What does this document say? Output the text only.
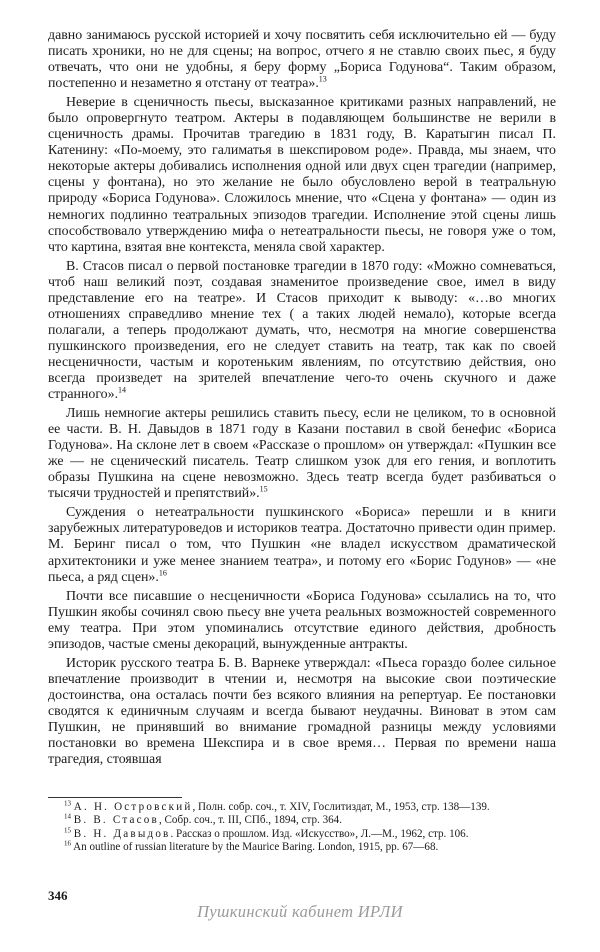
давно занимаюсь русской историей и хочу посвятить себя исключительно ей — буду писать хроники, но не для сцены; на вопрос, отчего я не ставлю своих пьес, я буду отвечать, что они не удобны, я беру форму „Бориса Годунова“. Таким образом, постепенно и незаметно я отстану от театра».$^{13}$

Неверие в сценичность пьесы, высказанное критиками разных направлений, не было опровергнуто театром. Актеры в подавляющем большинстве не верили в сценичность драмы. Прочитав трагедию в 1831 году, В. Каратыгин писал П. Катенину: «По-моему, это галиматья в шекспировом роде». Правда, мы знаем, что некоторые актеры добивались исполнения одной или двух сцен трагедии (например, сцены у фонтана), но это желание не было обусловлено верой в театральную природу «Бориса Годунова». Сложилось мнение, что «Сцена у фонтана» — один из немногих подлинно театральных эпизодов трагедии. Исполнение этой сцены лишь способствовало утверждению мифа о нетеатральности пьесы, не говоря уже о том, что картина, взятая вне контекста, меняла свой характер.

В. Стасов писал о первой постановке трагедии в 1870 году: «Можно сомневаться, чтоб наш великий поэт, создавая знаменитое произведение свое, имел в виду представление его на театре». И Стасов приходит к выводу: «…во многих отношениях справедливо мнение тех ( а таких людей немало), которые всегда полагали, а теперь продолжают думать, что, несмотря на многие совершенства пушкинского произведения, его не следует ставить на театр, так как по своей несценичности, частым и коротеньким явлениям, по отсутствию действия, оно всегда произведет на зрителей впечатление чего-то очень скучного и даже странного».$^{14}$

Лишь немногие актеры решились ставить пьесу, если не целиком, то в основной ее части. В. Н. Давыдов в 1871 году в Казани поставил в свой бенефис «Бориса Годунова». На склоне лет в своем «Рассказе о прошлом» он утверждал: «Пушкин все же — не сценический писатель. Театр слишком узок для его гения, и воплотить образы Пушкина на сцене невозможно. Здесь театр всегда будет разбиваться о тысячи трудностей и препятствий».$^{15}$

Суждения о нетеатральности пушкинского «Бориса» перешли и в книги зарубежных литературоведов и историков театра. Достаточно привести один пример. М. Беринг писал о том, что Пушкин «не владел искусством драматической архитектоники и уже менее знанием театра», и потому его «Борис Годунов» — «не пьеса, а ряд сцен».$^{16}$

Почти все писавшие о несценичности «Бориса Годунова» ссылались на то, что Пушкин якобы сочинял свою пьесу вне учета реальных возможностей современного ему театра. При этом упоминались отсутствие единого действия, дробность эпизодов, частые смены декораций, вынужденные антракты.

Историк русского театра Б. В. Варнеке утверждал: «Пьеса гораздо более сильное впечатление производит в чтении и, несмотря на высокие свои поэтические достоинства, она осталась почти без всякого влияния на репертуар. Ее постановки сводятся к единичным случаям и всегда бывают неудачны. Виноват в этом сам Пушкин, не принявший во внимание громадной разницы между условиями постановки во времена Шекспира и в свое время… Первая по времени наша трагедия, стоявшая

$^{13}$ А. Н. Островский, Полн. собр. соч., т. XIV, Гослитиздат, М., 1953, стр. 138—139.

$^{14}$ В. В. Стасов, Собр. соч., т. III, СПб., 1894, стр. 364.

$^{15}$ В. Н. Давыдов. Рассказ о прошлом. Изд. «Искусство», Л.—М., 1962, стр. 106.

$^{16}$ An outline of russian literature by the Maurice Baring. London, 1915, pp. 67—68.

346
Пушкинский кабинет ИРЛИ
